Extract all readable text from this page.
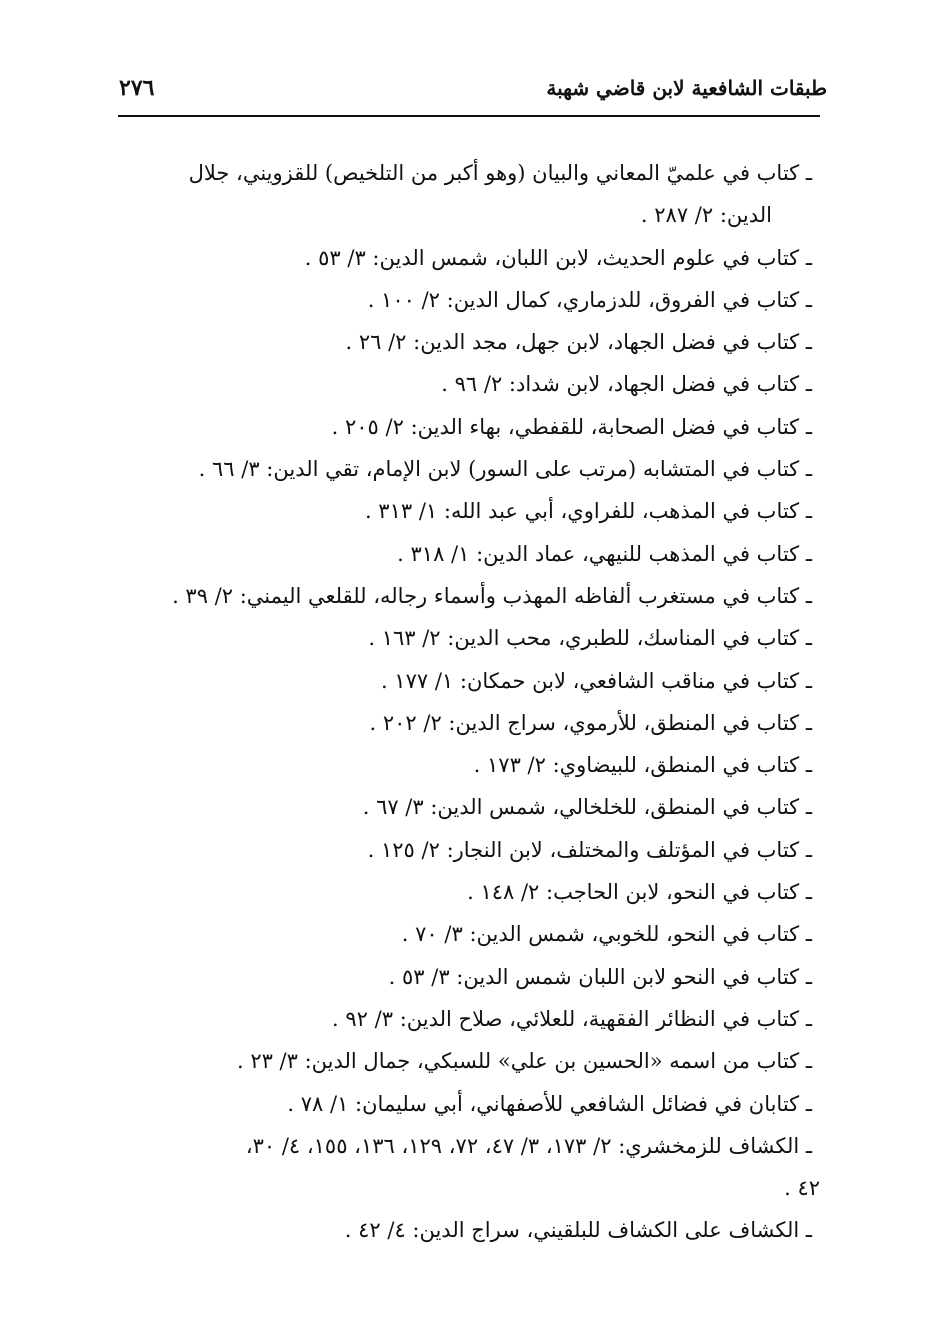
طبقات الشافعية لابن قاضي شهبة
٢٧٦
ـ كتاب في علميّ المعاني والبيان (وهو أكبر من التلخيص) للقزويني، جلال
الدين: ٢/ ٢٨٧ .
ـ كتاب في علوم الحديث، لابن اللبان، شمس الدين: ٣/ ٥٣ .
ـ كتاب في الفروق، للدزماري، كمال الدين: ٢/ ١٠٠ .
ـ كتاب في فضل الجهاد، لابن جهل، مجد الدين: ٢/ ٢٦ .
ـ كتاب في فضل الجهاد، لابن شداد: ٢/ ٩٦ .
ـ كتاب في فضل الصحابة، للقفطي، بهاء الدين: ٢/ ٢٠٥ .
ـ كتاب في المتشابه (مرتب على السور) لابن الإمام، تقي الدين: ٣/ ٦٦ .
ـ كتاب في المذهب، للفراوي، أبي عبد الله: ١/ ٣١٣ .
ـ كتاب في المذهب للنيهي، عماد الدين: ١/ ٣١٨ .
ـ كتاب في مستغرب ألفاظه المهذب وأسماء رجاله، للقلعي اليمني: ٢/ ٣٩ .
ـ كتاب في المناسك، للطبري، محب الدين: ٢/ ١٦٣ .
ـ كتاب في مناقب الشافعي، لابن حمكان: ١/ ١٧٧ .
ـ كتاب في المنطق، للأرموي، سراج الدين: ٢/ ٢٠٢ .
ـ كتاب في المنطق، للبيضاوي: ٢/ ١٧٣ .
ـ كتاب في المنطق، للخلخالي، شمس الدين: ٣/ ٦٧ .
ـ كتاب في المؤتلف والمختلف، لابن النجار: ٢/ ١٢٥ .
ـ كتاب في النحو، لابن الحاجب: ٢/ ١٤٨ .
ـ كتاب في النحو، للخوبي، شمس الدين: ٣/ ٧٠ .
ـ كتاب في النحو لابن اللبان شمس الدين: ٣/ ٥٣ .
ـ كتاب في النظائر الفقهية، للعلائي، صلاح الدين: ٣/ ٩٢ .
ـ كتاب من اسمه «الحسين بن علي» للسبكي، جمال الدين: ٣/ ٢٣ .
ـ كتابان في فضائل الشافعي للأصفهاني، أبي سليمان: ١/ ٧٨ .
ـ الكشاف للزمخشري: ٢/ ١٧٣، ٣/ ٤٧، ٧٢، ١٢٩، ١٣٦، ١٥٥، ٤/ ٣٠،
٤٢ .
ـ الكشاف على الكشاف للبلقيني، سراج الدين: ٤/ ٤٢ .
